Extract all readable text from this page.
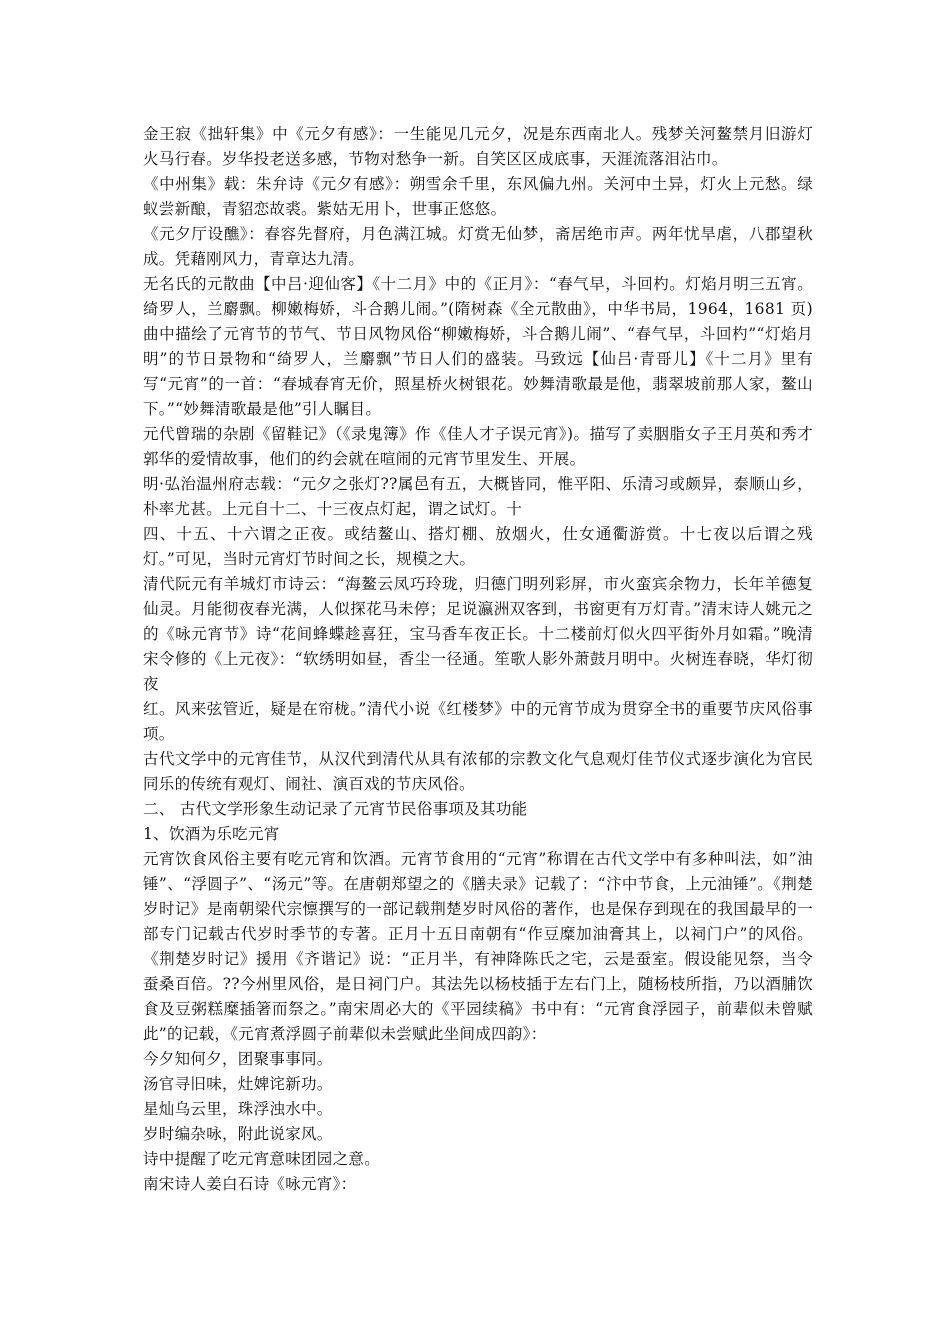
金王寂《拙轩集》中《元夕有感》：一生能见几元夕，况是东西南北人。残梦关河鳌禁月旧游灯火马行春。岁华投老送多感，节物对愁争一新。自笑区区成底事，天涯流落泪沾巾。

《中州集》载：朱弁诗《元夕有感》：朔雪余千里，东风偏九州。关河中土异，灯火上元愁。绿蚁尝新酿，青貂恋故裘。紫姑无用卜，世事正悠悠。

《元夕厅设醮》：春容先督府，月色满江城。灯赏无仙梦，斋居绝市声。两年忧旱虐，八郡望秋成。凭藉刚风力，青章达九清。

无名氏的元散曲【中吕·迎仙客】《十二月》中的《正月》：“春气早，斗回杓。灯焰月明三五宵。绮罗人，兰麝飘。柳嫩梅娇，斗合鹅儿闹。”(隋树森《全元散曲》，中华书局，1964，1681 页)曲中描绘了元宵节的节气、节日风物风俗“柳嫩梅娇，斗合鹅儿闹”、“春气早，斗回杓”“灯焰月明”的节日景物和“绮罗人，兰麝飘”节日人们的盛装。马致远【仙吕·青哥儿】《十二月》里有写“元宵”的一首：“春城春宵无价，照星桥火树银花。妙舞清歌最是他，翡翠坡前那人家，鳌山下。”“妙舞清歌最是他”引人瞩目。

元代曾瑞的杂剧《留鞋记》（《录鬼簿》作《佳人才子误元宵》)。描写了卖胭脂女子王月英和秀才郭华的爱情故事，他们的约会就在喧闹的元宵节里发生、开展。

明·弘治温州府志载：“元夕之张灯??属邑有五，大概皆同，惟平阳、乐清习或颇异，泰顺山乡，朴率尤甚。上元自十二、十三夜点灯起，谓之试灯。十

四、十五、十六谓之正夜。或结鳌山、搭灯棚、放烟火，仕女通衢游赏。十七夜以后谓之残灯。”可见，当时元宵灯节时间之长，规模之大。

清代阮元有羊城灯市诗云：“海鳌云凤巧玲珑，归德门明列彩屏，市火蛮宾余物力，长年羊德复仙灵。月能彻夜春光满，人似探花马未停；足说瀛洲双客到，书窗更有万灯青。”清末诗人姚元之的《咏元宵节》诗“花间蜂蝶趁喜狂，宝马香车夜正长。十二楼前灯似火四平街外月如霜。”晚清宋令修的《上元夜》：“软绣明如昼，香尘一径通。笙歌人影外萧鼓月明中。火树连春晓，华灯彻夜

红。风来弦管近，疑是在帘栊。”清代小说《红楼梦》中的元宵节成为贯穿全书的重要节庆风俗事项。

古代文学中的元宵佳节，从汉代到清代从具有浓郁的宗教文化气息观灯佳节仪式逐步演化为官民同乐的传统有观灯、闹社、演百戏的节庆风俗。

二、 古代文学形象生动记录了元宵节民俗事项及其功能

1、饮酒为乐吃元宵

元宵饮食风俗主要有吃元宵和饮酒。元宵节食用的“元宵”称谓在古代文学中有多种叫法，如”油锤”、“浮圆子”、“汤元”等。在唐朝郑望之的《膳夫录》记载了：“汴中节食，上元油锤”。《荆楚岁时记》是南朝梁代宗懔撰写的一部记载荆楚岁时风俗的著作，也是保存到现在的我国最早的一部专门记载古代岁时季节的专著。正月十五日南朝有“作豆糜加油膏其上，以祠门户”的风俗。《荆楚岁时记》援用《齐谐记》说：“正月半，有神降陈氏之宅，云是蚕室。假设能见祭，当令蚕桑百倍。??今州里风俗，是日祠门户。其法先以杨枝插于左右门上，随杨枝所指，乃以酒脯饮食及豆粥糕糜插箸而祭之。”南宋周必大的《平园续稿》书中有：“元宵食浮园子，前辈似未曾赋此”的记载，《元宵煮浮圆子前辈似未尝赋此坐间成四韵》：

今夕知何夕，团聚事事同。

汤官寻旧味，灶婢诧新功。

星灿乌云里，珠浮浊水中。

岁时编杂咏，附此说家风。

诗中提醒了吃元宵意味团园之意。

南宋诗人姜白石诗《咏元宵》：
